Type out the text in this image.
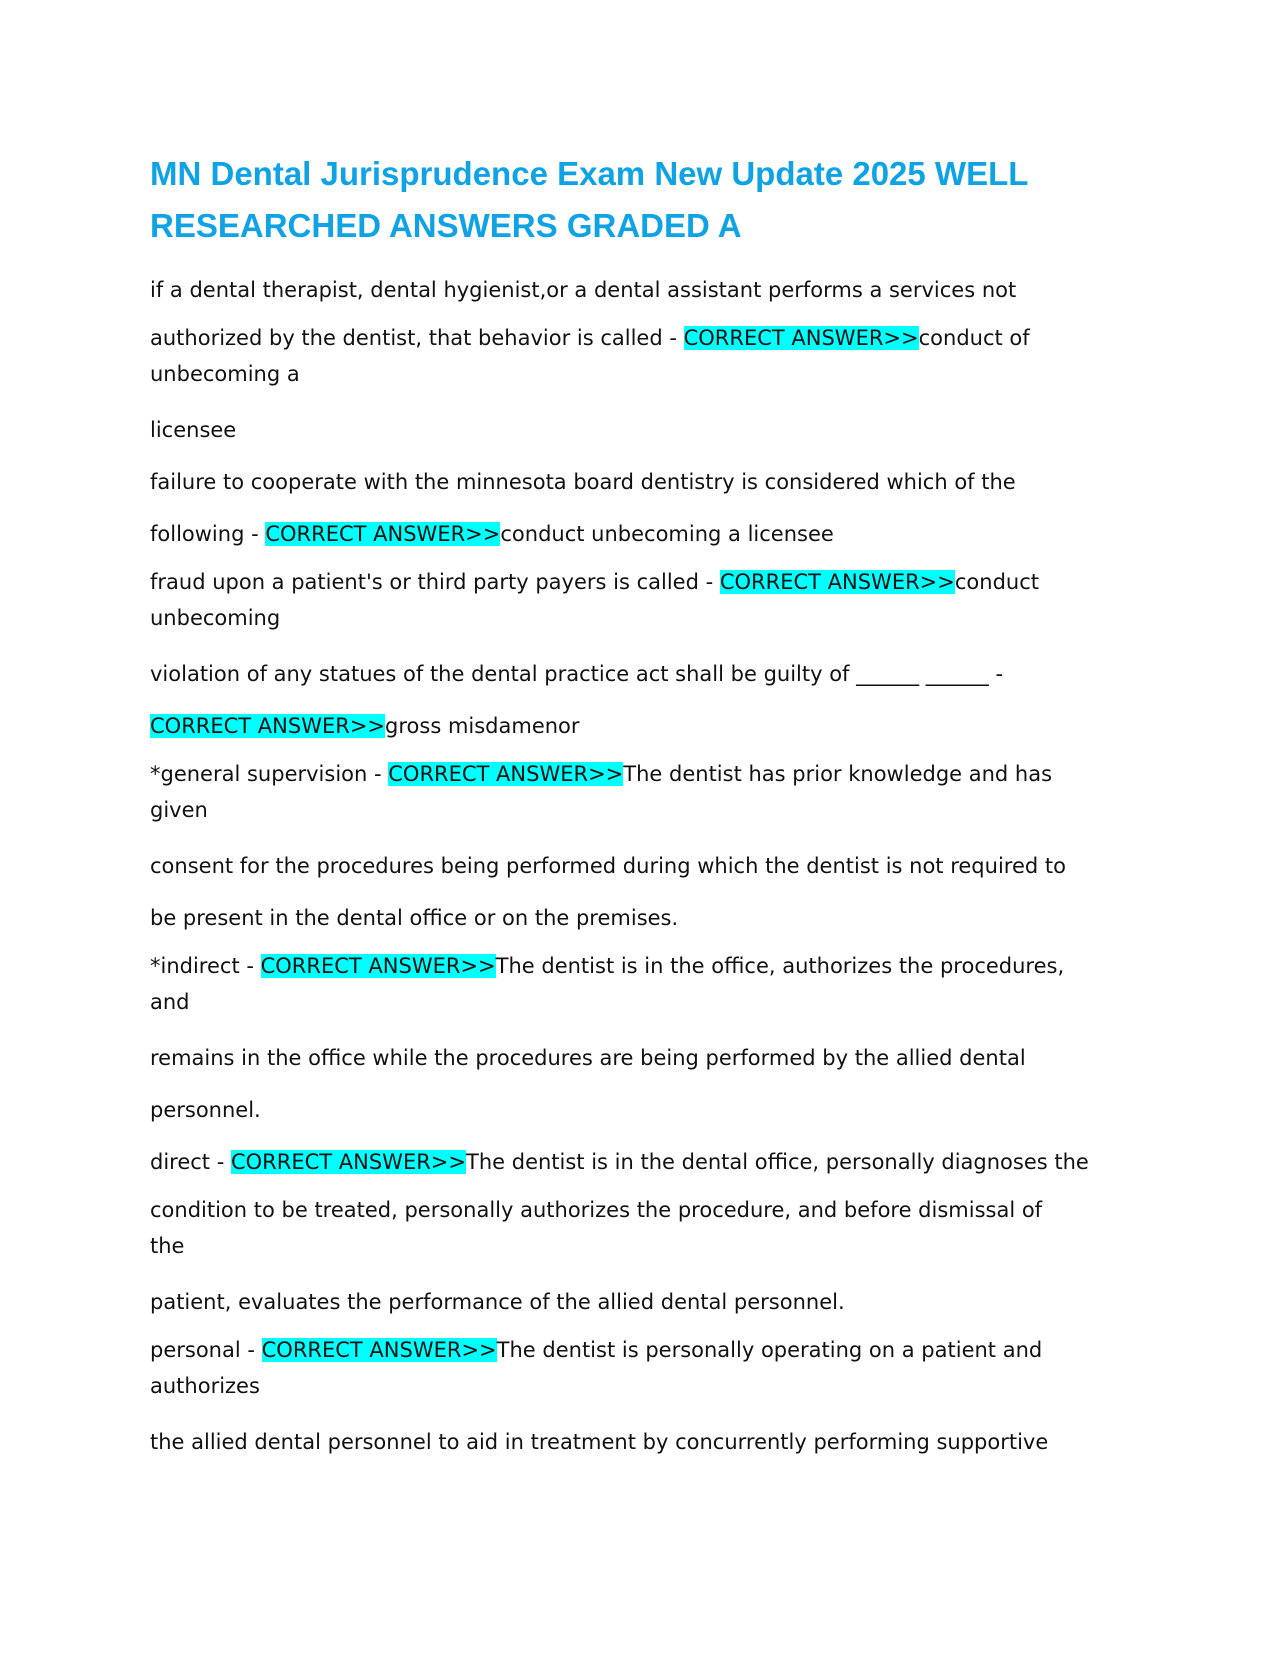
MN Dental Jurisprudence Exam New Update 2025 WELL RESEARCHED ANSWERS GRADED A
if a dental therapist, dental hygienist,or a dental assistant performs a services not
authorized by the dentist, that behavior is called - CORRECT ANSWER>>conduct of
unbecoming a
licensee
failure to cooperate with the minnesota board dentistry is considered which of the
following - CORRECT ANSWER>>conduct unbecoming a licensee
fraud upon a patient's or third party payers is called - CORRECT ANSWER>>conduct
unbecoming
violation of any statues of the dental practice act shall be guilty of ______ ______ -
CORRECT ANSWER>>gross misdamenor
*general supervision - CORRECT ANSWER>>The dentist has prior knowledge and has
given
consent for the procedures being performed during which the dentist is not required to
be present in the dental office or on the premises.
*indirect - CORRECT ANSWER>>The dentist is in the office, authorizes the procedures,
and
remains in the office while the procedures are being performed by the allied dental
personnel.
direct - CORRECT ANSWER>>The dentist is in the dental office, personally diagnoses the
condition to be treated, personally authorizes the procedure, and before dismissal of
the
patient, evaluates the performance of the allied dental personnel.
personal - CORRECT ANSWER>>The dentist is personally operating on a patient and
authorizes
the allied dental personnel to aid in treatment by concurrently performing supportive
